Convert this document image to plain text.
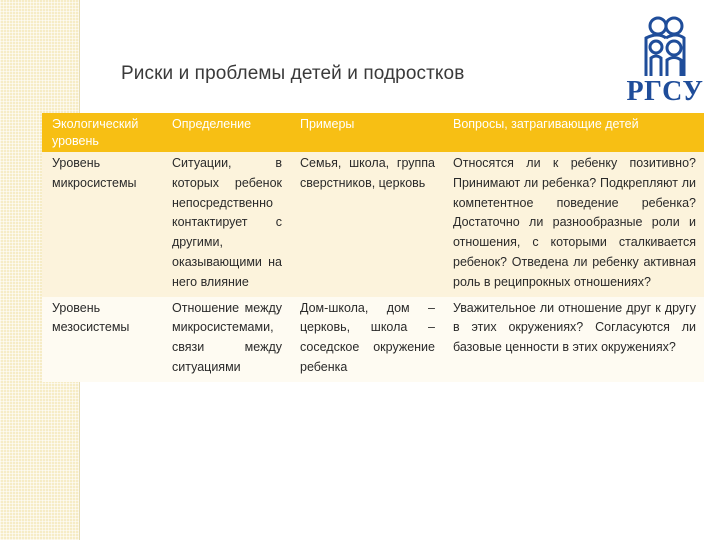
Риски и проблемы детей и подростков
РГСУ
Экологический уровень	Определение	Примеры	Вопросы, затрагивающие детей
Уровень микросистемы	Ситуации, в которых ребенок непосредственно контактирует с другими, оказывающими на него влияние	Семья, школа, группа сверстников, церковь	Относятся ли к ребенку позитивно? Принимают ли ребенка? Подкрепляют ли компетентное поведение ребенка? Достаточно ли разнообразные роли и отношения, с которыми сталкивается ребенок? Отведена ли ребенку активная роль в реципрокных отношениях?
Уровень мезосистемы	Отношение между микросистемами, связи между ситуациями	Дом-школа, дом – церковь, школа – соседское окружение ребенка	Уважительное ли отношение друг к другу в этих окружениях? Согласуются ли базовые ценности в этих окружениях?
